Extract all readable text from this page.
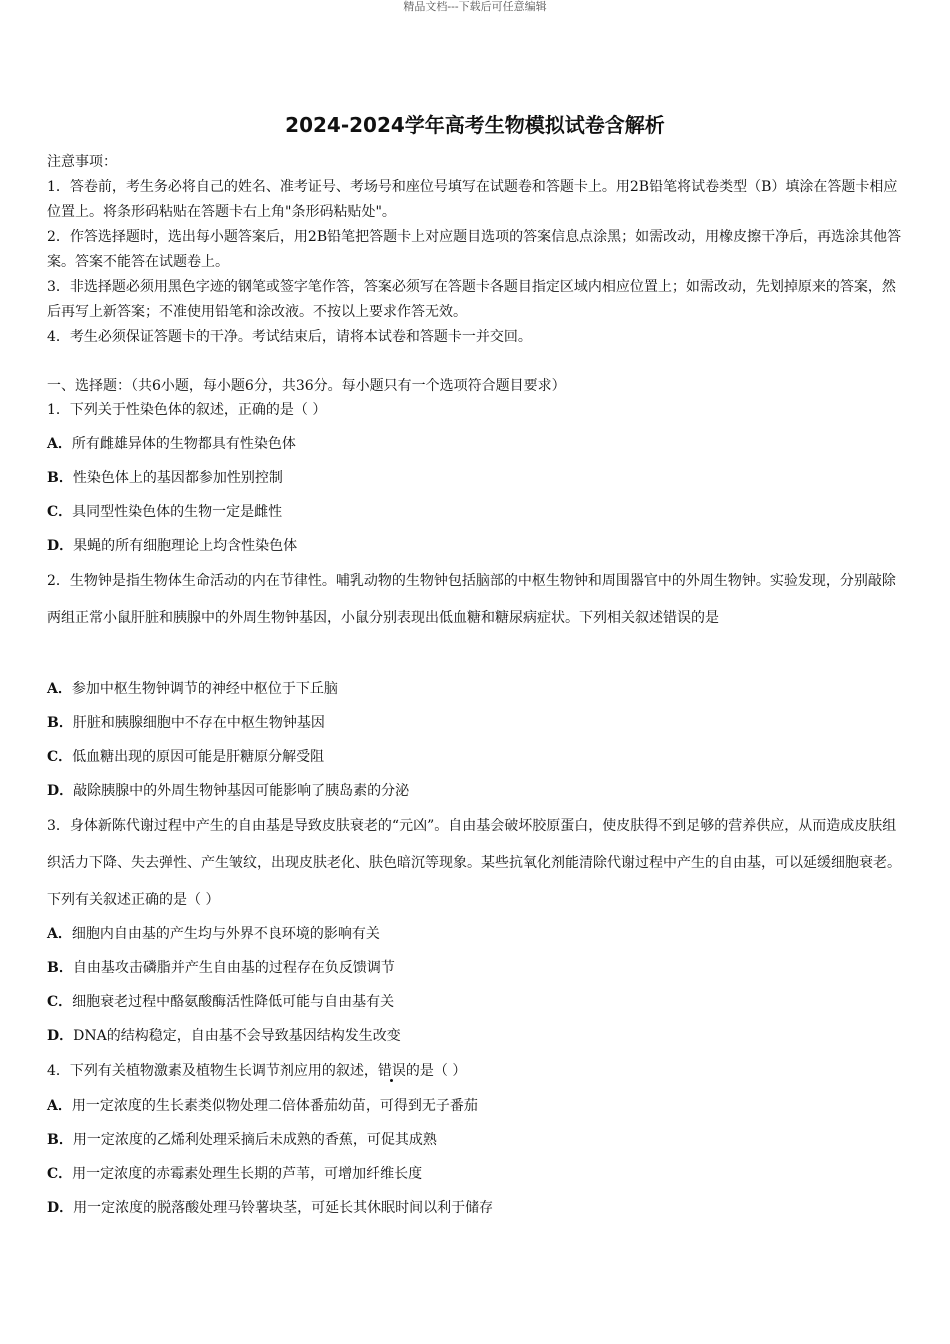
精品文档---下载后可任意编辑
2024-2024学年高考生物模拟试卷含解析

注意事项：

1．答卷前，考生务必将自己的姓名、准考证号、考场号和座位号填写在试题卷和答题卡上。用2B铅笔将试卷类型（B）填涂在答题卡相应位置上。将条形码粘贴在答题卡右上角"条形码粘贴处"。

2．作答选择题时，选出每小题答案后，用2B铅笔把答题卡上对应题目选项的答案信息点涂黑；如需改动，用橡皮擦干净后，再选涂其他答案。答案不能答在试题卷上。

3．非选择题必须用黑色字迹的钢笔或签字笔作答，答案必须写在答题卡各题目指定区域内相应位置上；如需改动，先划掉原来的答案，然后再写上新答案；不准使用铅笔和涂改液。不按以上要求作答无效。

4．考生必须保证答题卡的干净。考试结束后，请将本试卷和答题卡一并交回。

一、选择题：（共6小题，每小题6分，共36分。每小题只有一个选项符合题目要求）
1．下列关于性染色体的叙述，正确的是（ ）
A．所有雌雄异体的生物都具有性染色体
B．性染色体上的基因都参加性别控制
C．具同型性染色体的生物一定是雌性
D．果蝇的所有细胞理论上均含性染色体
2．生物钟是指生物体生命活动的内在节律性。哺乳动物的生物钟包括脑部的中枢生物钟和周围器官中的外周生物钟。实验发现，分别敲除两组正常小鼠肝脏和胰腺中的外周生物钟基因，小鼠分别表现出低血糖和糖尿病症状。下列相关叙述错误的是
A．参加中枢生物钟调节的神经中枢位于下丘脑
B．肝脏和胰腺细胞中不存在中枢生物钟基因
C．低血糖出现的原因可能是肝糖原分解受阻
D．敲除胰腺中的外周生物钟基因可能影响了胰岛素的分泌
3．身体新陈代谢过程中产生的自由基是导致皮肤衰老的“元凶”。自由基会破坏胶原蛋白，使皮肤得不到足够的营养供应，从而造成皮肤组织活力下降、失去弹性、产生皱纹，出现皮肤老化、肤色暗沉等现象。某些抗氧化剂能清除代谢过程中产生的自由基，可以延缓细胞衰老。下列有关叙述正确的是（ ）
A．细胞内自由基的产生均与外界不良环境的影响有关
B．自由基攻击磷脂并产生自由基的过程存在负反馈调节
C．细胞衰老过程中酪氨酸酶活性降低可能与自由基有关
D．DNA的结构稳定，自由基不会导致基因结构发生改变
4．下列有关植物激素及植物生长调节剂应用的叙述，错误的是（ ）
A．用一定浓度的生长素类似物处理二倍体番茄幼苗，可得到无子番茄
B．用一定浓度的乙烯利处理采摘后未成熟的香蕉，可促其成熟
C．用一定浓度的赤霉素处理生长期的芦苇，可增加纤维长度
D．用一定浓度的脱落酸处理马铃薯块茎，可延长其休眠时间以利于储存
